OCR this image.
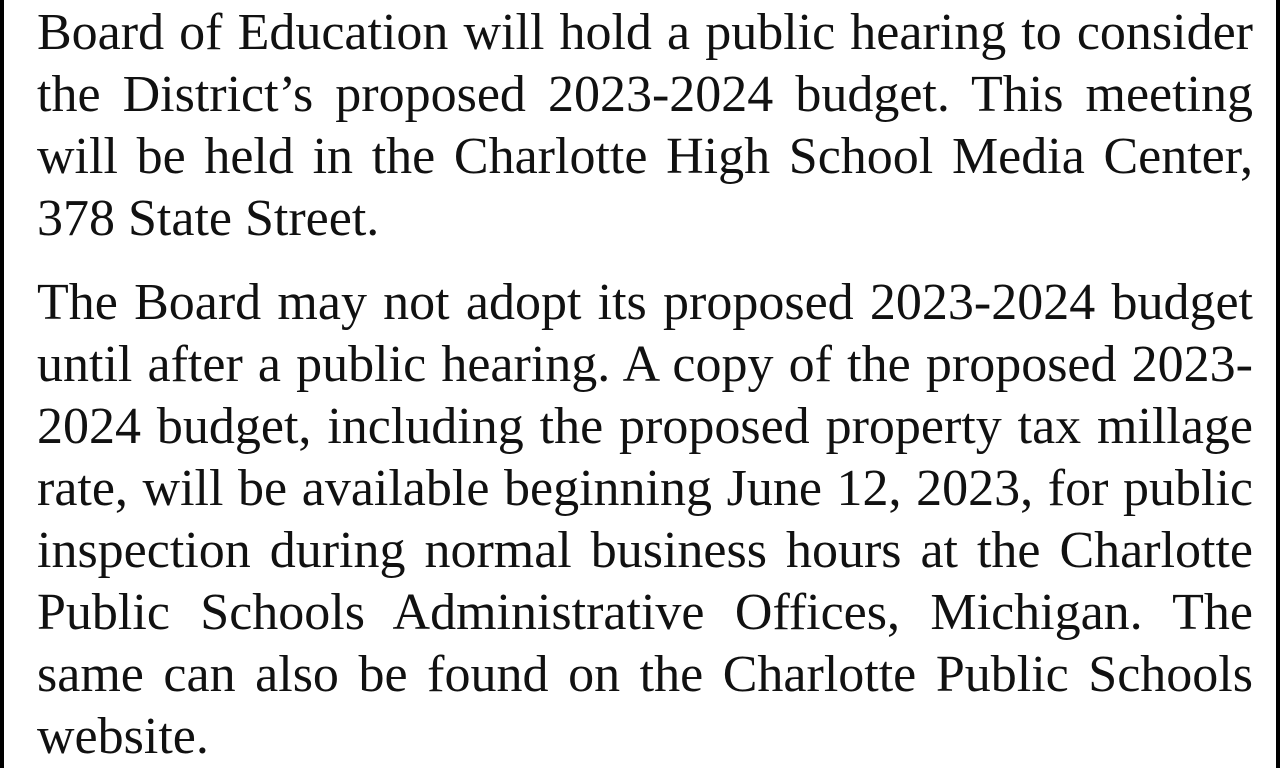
Board of Education will hold a public hearing to consider
the District’s proposed 2023-2024 budget. This meeting
will be held in the Charlotte High School Media Center,
378 State Street.

The Board may not adopt its proposed 2023-2024 budget
until after a public hearing. A copy of the proposed 2023-
2024 budget, including the proposed property tax millage
rate, will be available beginning June 12, 2023, for public
inspection during normal business hours at the Charlotte
Public Schools Administrative Offices, Michigan. The
same can also be found on the Charlotte Public Schools
website.
